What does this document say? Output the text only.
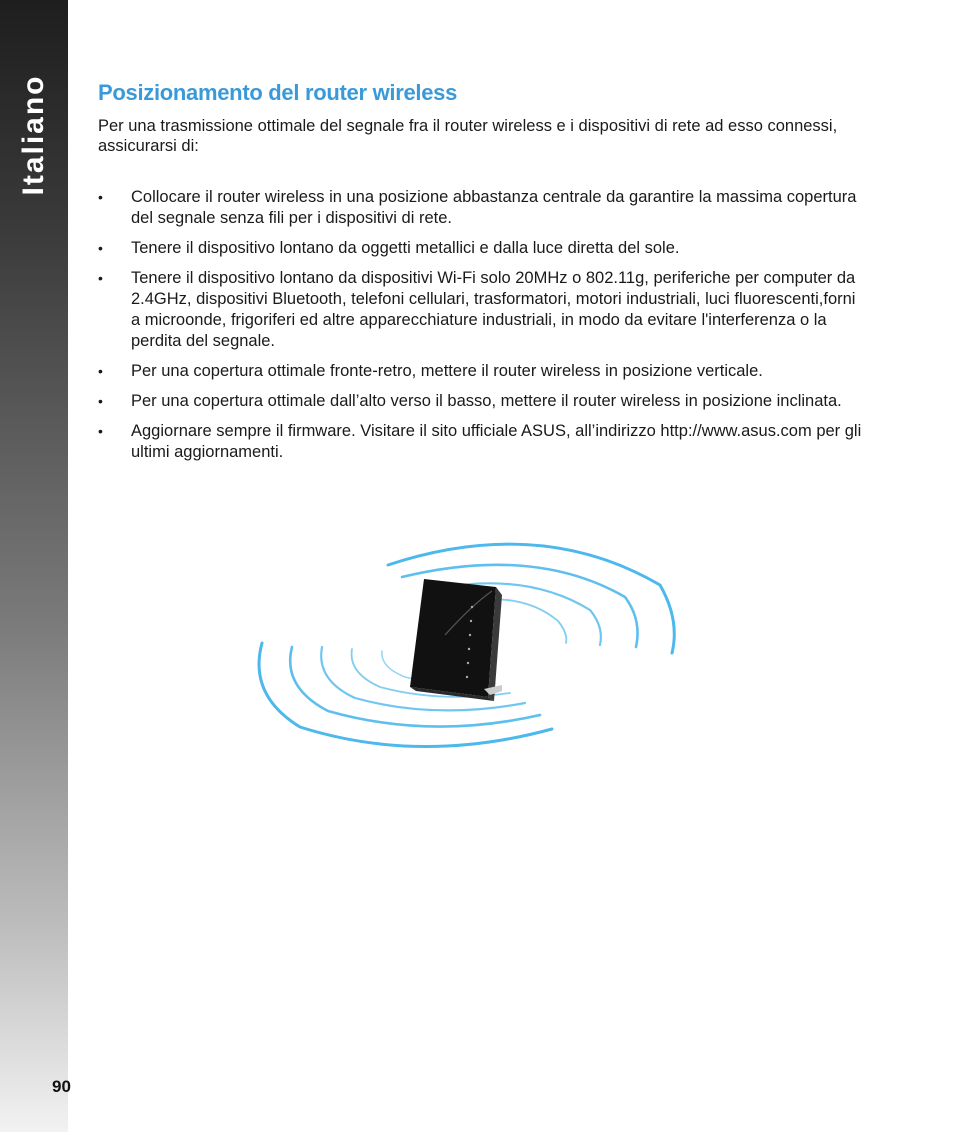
Italiano
90
Posizionamento del router wireless

Per una trasmissione ottimale del segnale fra il router wireless e i dispositivi di rete ad esso connessi, assicurarsi di:

• Collocare il router wireless in una posizione abbastanza centrale da garantire la massima copertura del segnale senza fili per i dispositivi di rete.
• Tenere il dispositivo lontano da oggetti metallici e dalla luce diretta del sole.
• Tenere il dispositivo lontano da dispositivi Wi-Fi solo 20MHz o 802.11g, periferiche per computer da 2.4GHz, dispositivi Bluetooth, telefoni cellulari, trasformatori, motori industriali, luci fluorescenti,forni a microonde, frigoriferi ed altre apparecchiature industriali, in modo da evitare l'interferenza o la perdita del segnale.
• Per una copertura ottimale fronte-retro, mettere il router wireless in posizione verticale.
• Per una copertura ottimale dall’alto verso il basso, mettere il router wireless in posizione inclinata.
• Aggiornare sempre il firmware. Visitare il sito ufficiale ASUS, all’indirizzo http://www.asus.com per gli ultimi aggiornamenti.
